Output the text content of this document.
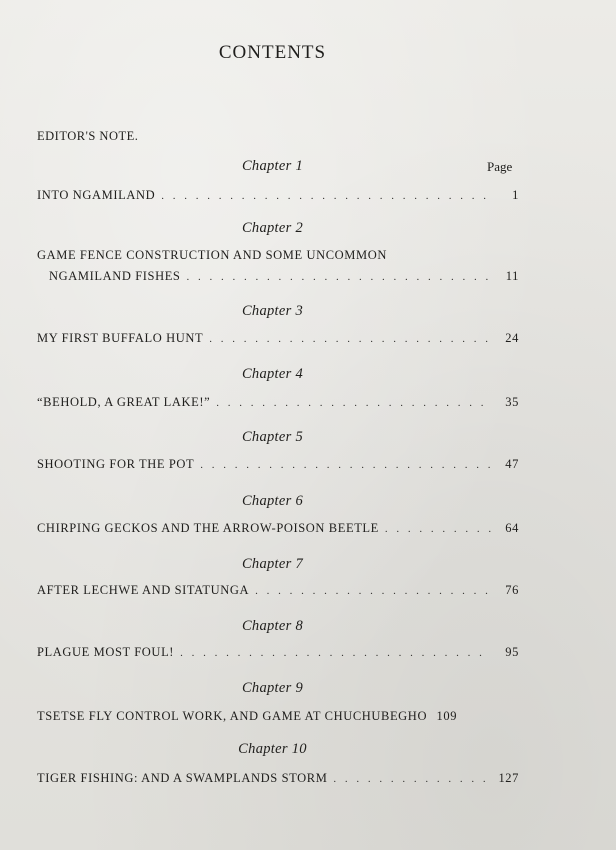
CONTENTS
EDITOR'S NOTE.
Page
Chapter 1
INTO NGAMILAND . . .	1
Chapter 2
GAME FENCE CONSTRUCTION AND SOME UNCOMMON
NGAMILAND FISHES . . .	11
Chapter 3
MY FIRST BUFFALO HUNT . . .	24
Chapter 4
“BEHOLD, A GREAT LAKE!” . . .	35
Chapter 5
SHOOTING FOR THE POT . . .	47
Chapter 6
CHIRPING GECKOS AND THE ARROW-POISON BEETLE . . .	64
Chapter 7
AFTER LECHWE AND SITATUNGA . . .	76
Chapter 8
PLAGUE MOST FOUL! . . .	95
Chapter 9
TSETSE FLY CONTROL WORK, AND GAME AT CHUCHUBEGHO 109
Chapter 10
TIGER FISHING: AND A SWAMPLANDS STORM . . .	127
